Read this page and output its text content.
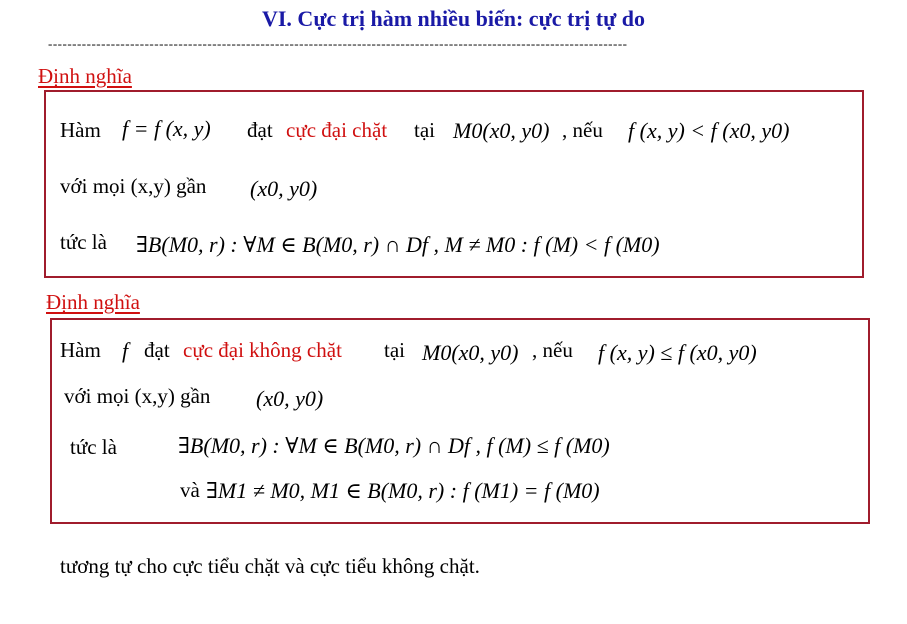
VI. Cực trị hàm nhiều biến: cực trị tự do
------------------------------------------------------------------------------------------------------------------------
Định nghĩa
Hàm f = f (x, y) đạt cực đại chặt tại M0(x0, y0) , nếu f (x, y) < f (x0, y0)
với mọi (x,y) gần (x0, y0)
tức là ∃B(M0, r) : ∀M ∈ B(M0, r) ∩ Df , M ≠ M0 : f (M) < f (M0)
Định nghĩa
Hàm f đạt cực đại không chặt tại M0(x0, y0) , nếu f (x, y) ≤ f (x0, y0)
với mọi (x,y) gần (x0, y0)
tức là	∃B(M0, r) : ∀M ∈ B(M0, r) ∩ Df , f (M) ≤ f (M0)
và ∃M1 ≠ M0, M1 ∈ B(M0, r) : f (M1) = f (M0)
tương tự cho cực tiểu chặt và cực tiểu không chặt.
